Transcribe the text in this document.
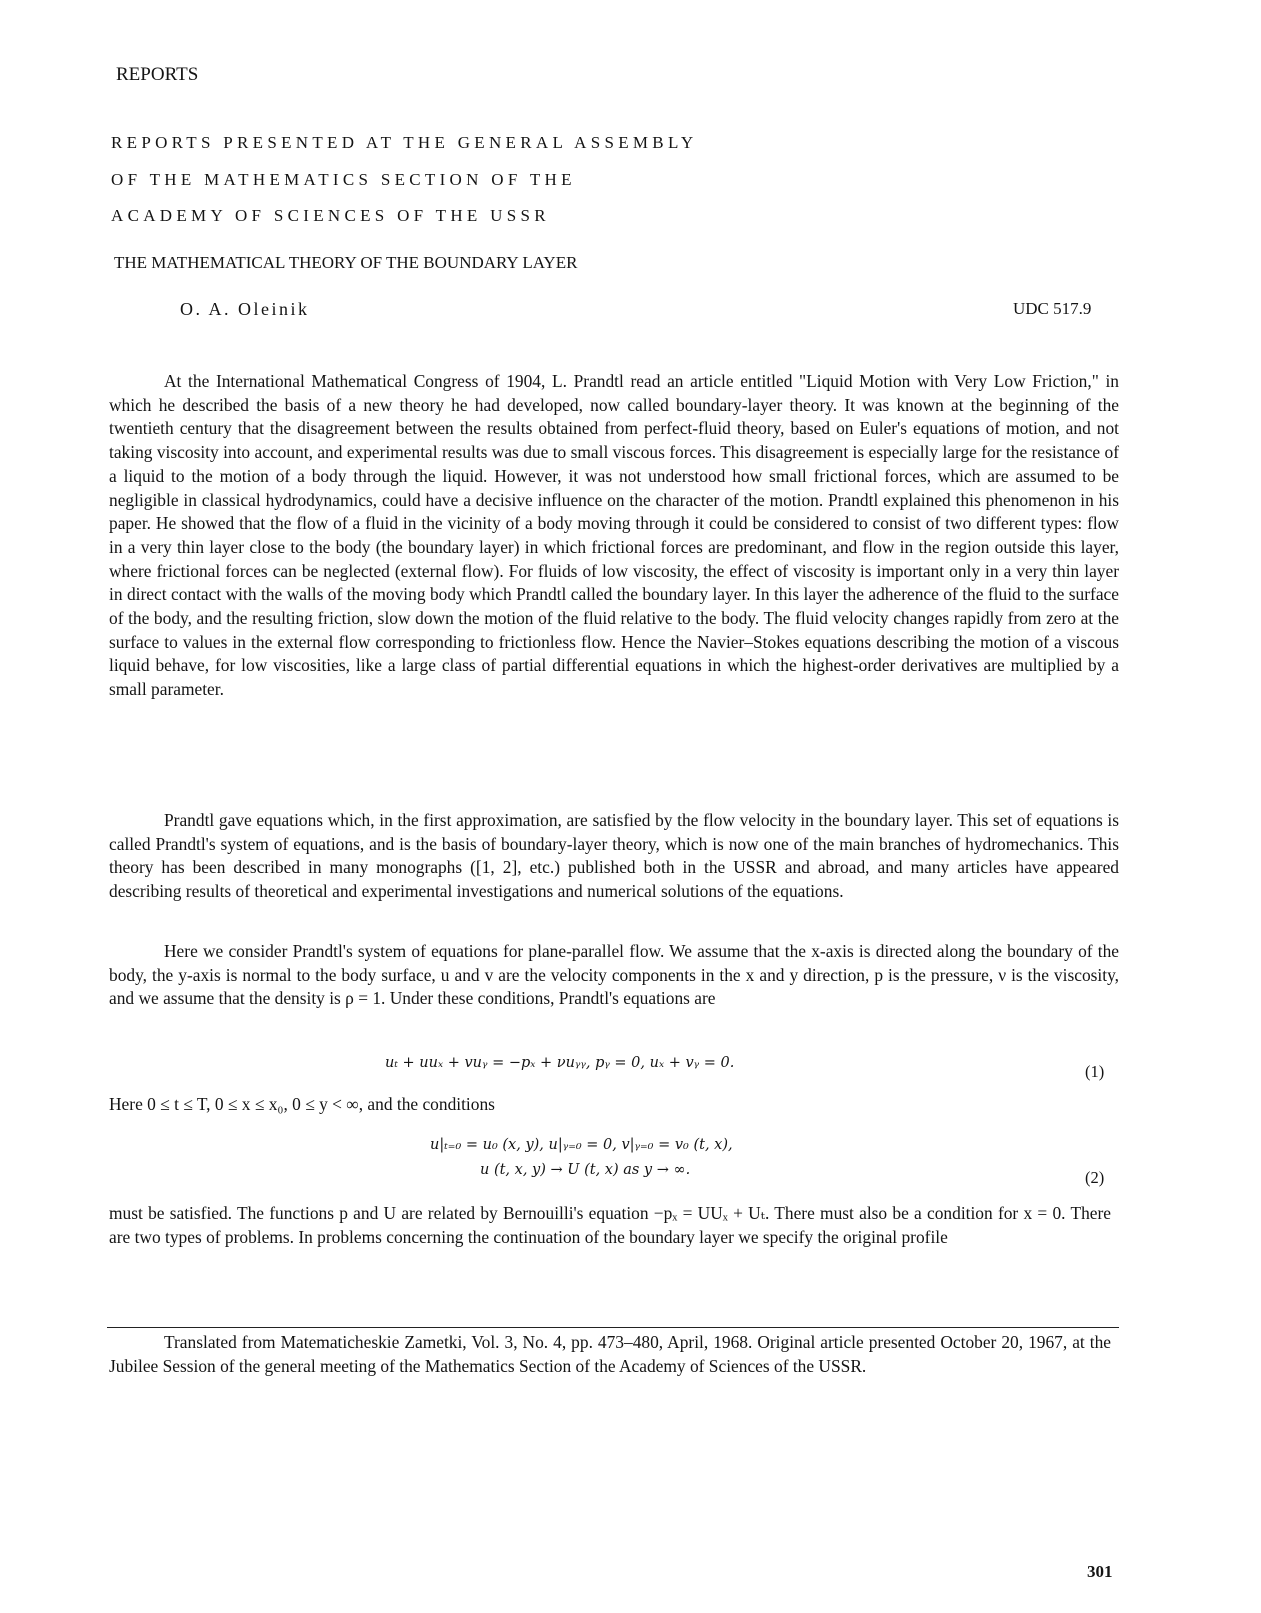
REPORTS
REPORTS PRESENTED AT THE GENERAL ASSEMBLY
OF THE MATHEMATICS SECTION OF THE
ACADEMY OF SCIENCES OF THE USSR
THE MATHEMATICAL THEORY OF THE BOUNDARY LAYER
O. A. Oleinik	UDC 517.9

At the International Mathematical Congress of 1904, L. Prandtl read an article entitled "Liquid Motion with Very Low Friction," in which he described the basis of a new theory he had developed, now called boundary-layer theory. It was known at the beginning of the twentieth century that the disagreement between the results obtained from perfect-fluid theory, based on Euler's equations of motion, and not taking viscosity into account, and experimental results was due to small viscous forces. This disagreement is especially large for the resistance of a liquid to the motion of a body through the liquid. However, it was not understood how small frictional forces, which are assumed to be negligible in classical hydrodynamics, could have a decisive influence on the character of the motion. Prandtl explained this phenomenon in his paper. He showed that the flow of a fluid in the vicinity of a body moving through it could be considered to consist of two different types: flow in a very thin layer close to the body (the boundary layer) in which frictional forces are predominant, and flow in the region outside this layer, where frictional forces can be neglected (external flow). For fluids of low viscosity, the effect of viscosity is important only in a very thin layer in direct contact with the walls of the moving body which Prandtl called the boundary layer. In this layer the adherence of the fluid to the surface of the body, and the resulting friction, slow down the motion of the fluid relative to the body. The fluid velocity changes rapidly from zero at the surface to values in the external flow corresponding to frictionless flow. Hence the Navier–Stokes equations describing the motion of a viscous liquid behave, for low viscosities, like a large class of partial differential equations in which the highest-order derivatives are multiplied by a small parameter.

Prandtl gave equations which, in the first approximation, are satisfied by the flow velocity in the boundary layer. This set of equations is called Prandtl's system of equations, and is the basis of boundary-layer theory, which is now one of the main branches of hydromechanics. This theory has been described in many monographs ([1, 2], etc.) published both in the USSR and abroad, and many articles have appeared describing results of theoretical and experimental investigations and numerical solutions of the equations.

Here we consider Prandtl's system of equations for plane-parallel flow. We assume that the x-axis is directed along the boundary of the body, the y-axis is normal to the body surface, u and v are the velocity components in the x and y direction, p is the pressure, ν is the viscosity, and we assume that the density is ρ = 1. Under these conditions, Prandtl's equations are

uₜ + uuₓ + vuᵧ = −pₓ + νuᵧᵧ, pᵧ = 0, uₓ + vᵧ = 0.	(1)
Here 0 ≤ t ≤ T, 0 ≤ x ≤ x₀, 0 ≤ y < ∞, and the conditions
u|ₜ₌₀ = u₀ (x, y), u|ᵧ₌₀ = 0, v|ᵧ₌₀ = v₀ (t, x),
u (t, x, y) → U (t, x) as y → ∞.	(2)

must be satisfied. The functions p and U are related by Bernouilli's equation −pₓ = UUₓ + Uₜ. There must also be a condition for x = 0. There are two types of problems. In problems concerning the continuation of the boundary layer we specify the original profile

Translated from Matematicheskie Zametki, Vol. 3, No. 4, pp. 473–480, April, 1968. Original article presented October 20, 1967, at the Jubilee Session of the general meeting of the Mathematics Section of the Academy of Sciences of the USSR.

301
